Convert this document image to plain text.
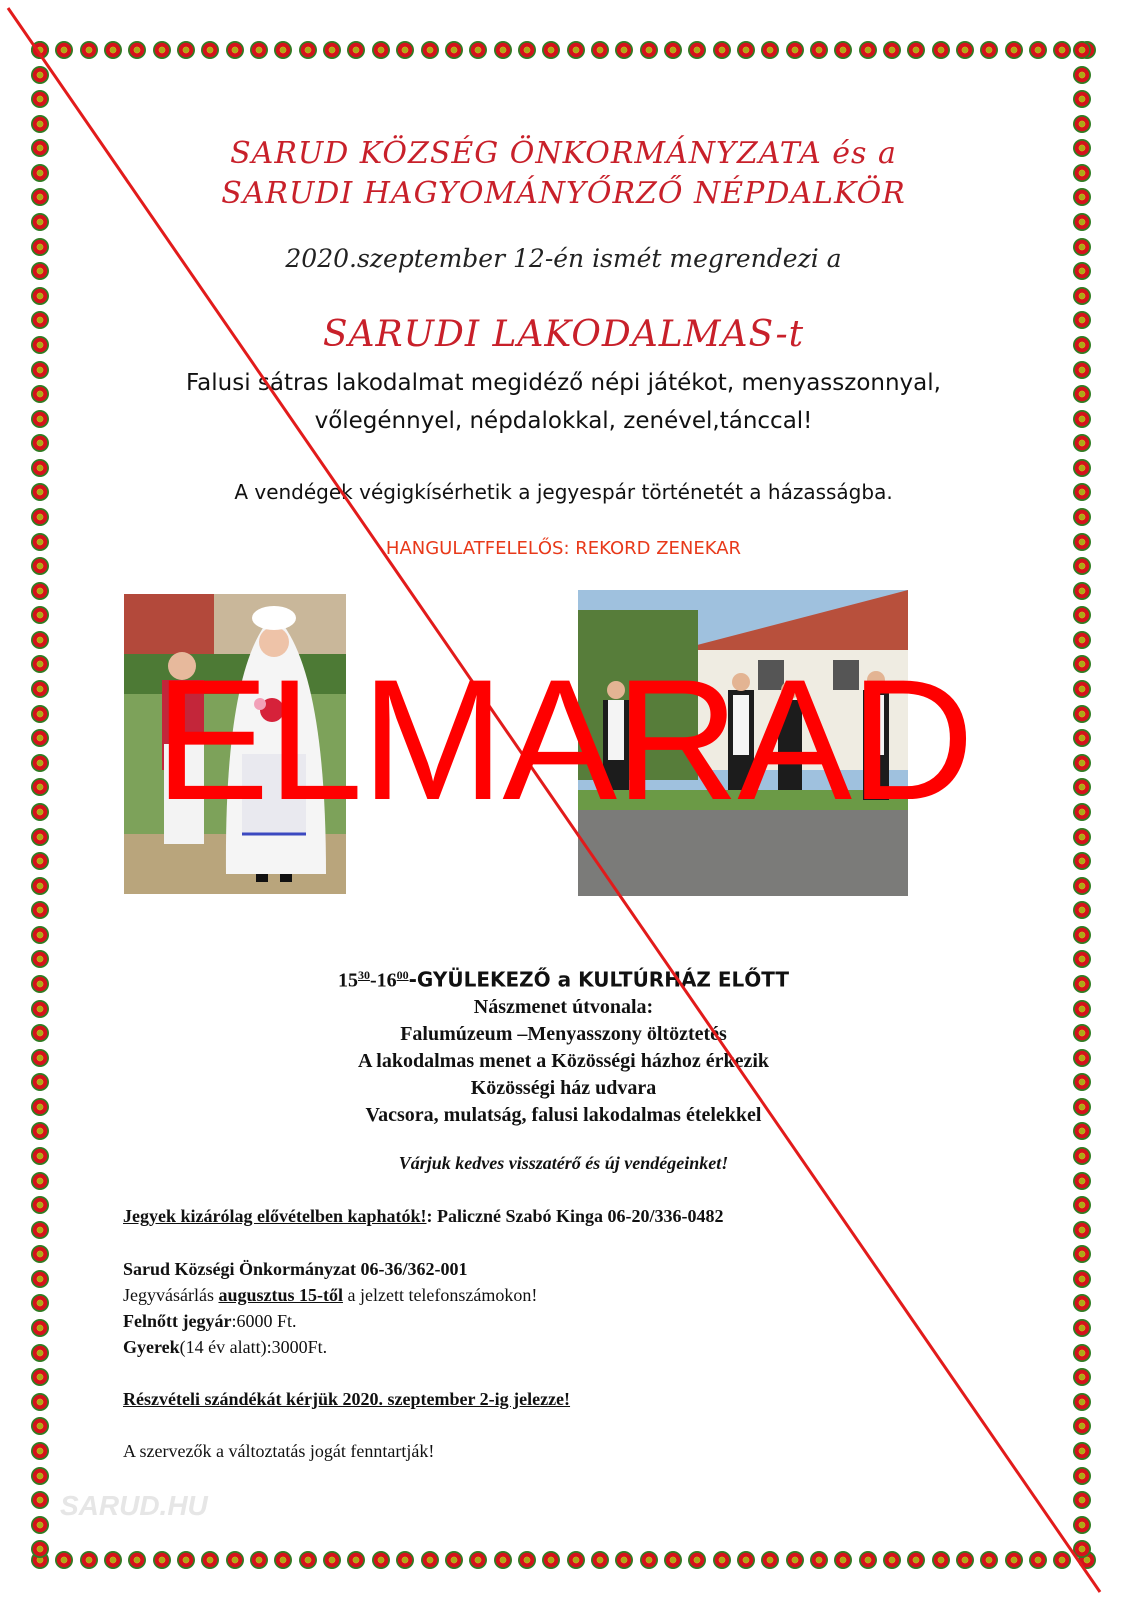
SARUD KÖZSÉG ÖNKORMÁNYZATA és a
SARUDI HAGYOMÁNYŐRZŐ NÉPDALKÖR
2020.szeptember 12-én ismét megrendezi a
SARUDI LAKODALMAS-t
Falusi sátras lakodalmat megidéző népi játékot, menyasszonnyal,
vőlegénnyel, népdalokkal, zenével,tánccal!
A vendégek végigkísérhetik a jegyespár történetét a házasságba.
HANGULATFELELŐS: REKORD ZENEKAR
$15^{30}-16^{00}$-GYÜLEKEZŐ a KULTÚRHÁZ ELŐTT
Nászmenet útvonala:
Falumúzeum –Menyasszony öltöztetés
A lakodalmas menet a Közösségi házhoz érkezik
Közösségi ház udvara
Vacsora, mulatság, falusi lakodalmas ételekkel
Várjuk kedves visszatérő és új vendégeinket!
Jegyek kizárólag elővételben kaphatók!: Paliczné Szabó Kinga 06-20/336-0482
Sarud Községi Önkormányzat 06-36/362-001
Jegyvásárlás augusztus 15-től a jelzett telefonszámokon!
Felnőtt jegyár:6000 Ft.
Gyerek(14 év alatt):3000Ft.
Részvételi szándékát kérjük 2020. szeptember 2-ig jelezze!
A szervezők a változtatás jogát fenntartják!
SARUD.HU
ELMARAD
